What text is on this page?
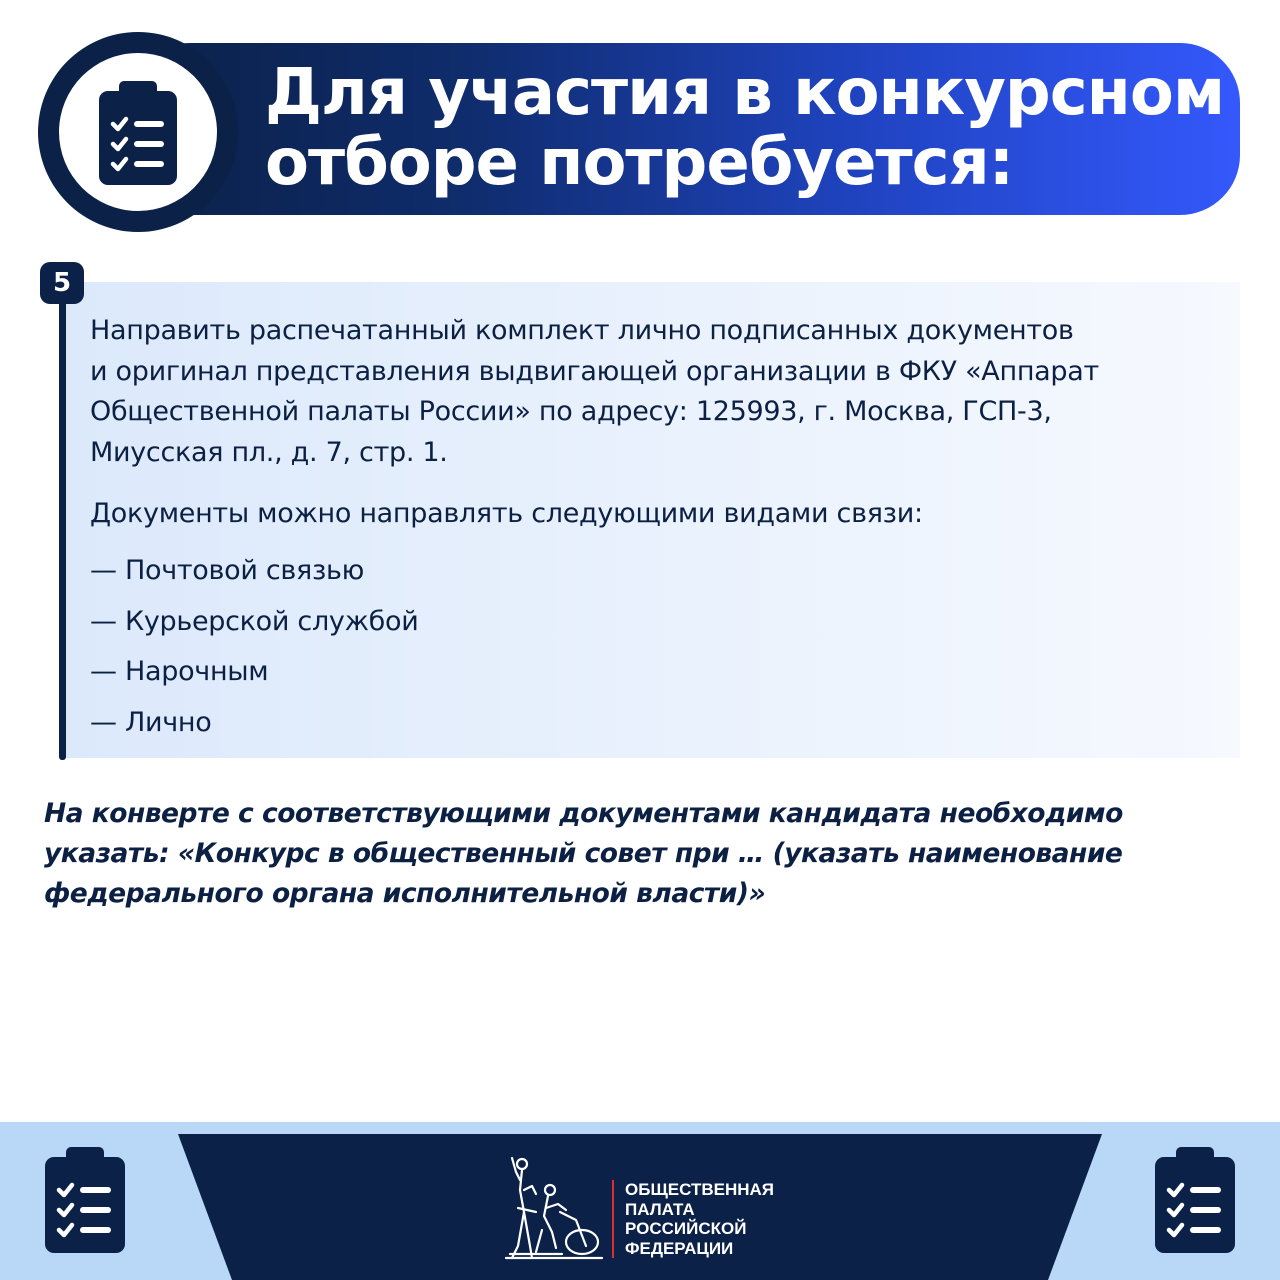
Для участия в конкурсном
отборе потребуется:
5

Направить распечатанный комплект лично подписанных документов
и оригинал представления выдвигающей организации в ФКУ «Аппарат
Общественной палаты России» по адресу: 125993, г. Москва, ГСП-3,
Миусская пл., д. 7, стр. 1.

Документы можно направлять следующими видами связи:

— Почтовой связью
— Курьерской службой
— Нарочным
— Лично

На конверте с соответствующими документами кандидата необходимо
указать: «Конкурс в общественный совет при … (указать наименование
федерального органа исполнительной власти)»

ОБЩЕСТВЕННАЯ
ПАЛАТА
РОССИЙСКОЙ
ФЕДЕРАЦИИ
